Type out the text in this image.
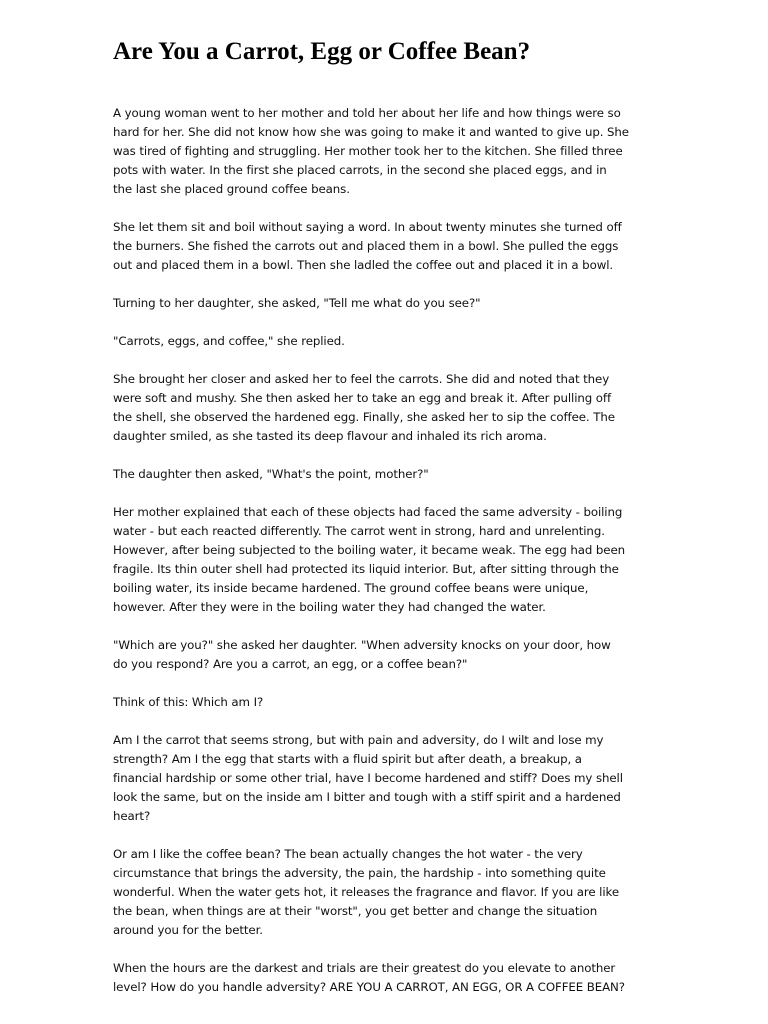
Are You a Carrot, Egg or Coffee Bean?

A young woman went to her mother and told her about her life and how things were so
hard for her. She did not know how she was going to make it and wanted to give up. She
was tired of fighting and struggling. Her mother took her to the kitchen. She filled three
pots with water. In the first she placed carrots, in the second she placed eggs, and in
the last she placed ground coffee beans.

She let them sit and boil without saying a word. In about twenty minutes she turned off
the burners. She fished the carrots out and placed them in a bowl. She pulled the eggs
out and placed them in a bowl. Then she ladled the coffee out and placed it in a bowl.

Turning to her daughter, she asked, "Tell me what do you see?"

"Carrots, eggs, and coffee," she replied.

She brought her closer and asked her to feel the carrots. She did and noted that they
were soft and mushy. She then asked her to take an egg and break it. After pulling off
the shell, she observed the hardened egg. Finally, she asked her to sip the coffee. The
daughter smiled, as she tasted its deep flavour and inhaled its rich aroma.

The daughter then asked, "What's the point, mother?"

Her mother explained that each of these objects had faced the same adversity - boiling
water - but each reacted differently. The carrot went in strong, hard and unrelenting.
However, after being subjected to the boiling water, it became weak. The egg had been
fragile. Its thin outer shell had protected its liquid interior. But, after sitting through the
boiling water, its inside became hardened. The ground coffee beans were unique,
however. After they were in the boiling water they had changed the water.

"Which are you?" she asked her daughter. "When adversity knocks on your door, how
do you respond? Are you a carrot, an egg, or a coffee bean?"

Think of this: Which am I?

Am I the carrot that seems strong, but with pain and adversity, do I wilt and lose my
strength? Am I the egg that starts with a fluid spirit but after death, a breakup, a
financial hardship or some other trial, have I become hardened and stiff? Does my shell
look the same, but on the inside am I bitter and tough with a stiff spirit and a hardened
heart?

Or am I like the coffee bean? The bean actually changes the hot water - the very
circumstance that brings the adversity, the pain, the hardship - into something quite
wonderful. When the water gets hot, it releases the fragrance and flavor. If you are like
the bean, when things are at their "worst", you get better and change the situation
around you for the better.

When the hours are the darkest and trials are their greatest do you elevate to another
level? How do you handle adversity? ARE YOU A CARROT, AN EGG, OR A COFFEE BEAN?
